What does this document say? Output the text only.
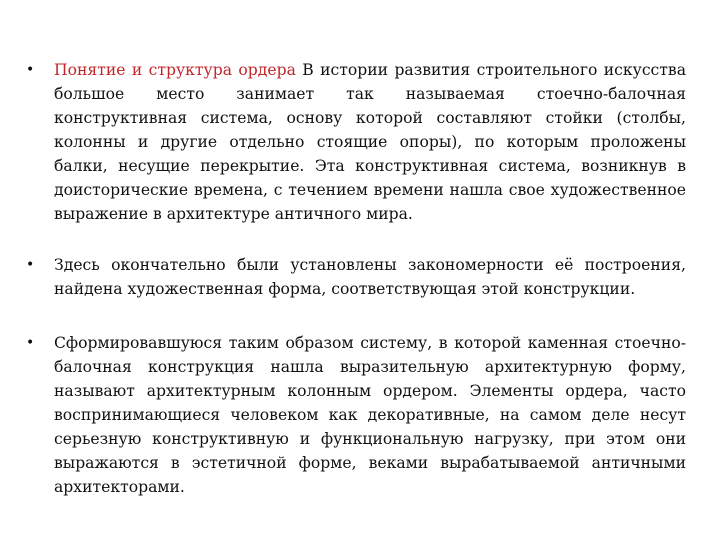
• Понятие и структура ордера В истории развития строительного искусства большое место занимает так называемая стоечно-балочная конструктивная система, основу которой составляют стойки (столбы, колонны и другие отдельно стоящие опоры), по которым проложены балки, несущие перекрытие. Эта конструктивная система, возникнув в доисторические времена, с течением времени нашла свое художественное выражение в архитектуре античного мира.
• Здесь окончательно были установлены закономерности её построения, найдена художественная форма, соответствующая этой конструкции.
• Сформировавшуюся таким образом систему, в которой каменная стоечно-балочная конструкция нашла выразительную архитектурную форму, называют архитектурным колонным ордером. Элементы ордера, часто воспринимающиеся человеком как декоративные, на самом деле несут серьезную конструктивную и функциональную нагрузку, при этом они выражаются в эстетичной форме, веками вырабатываемой античными архитекторами.
